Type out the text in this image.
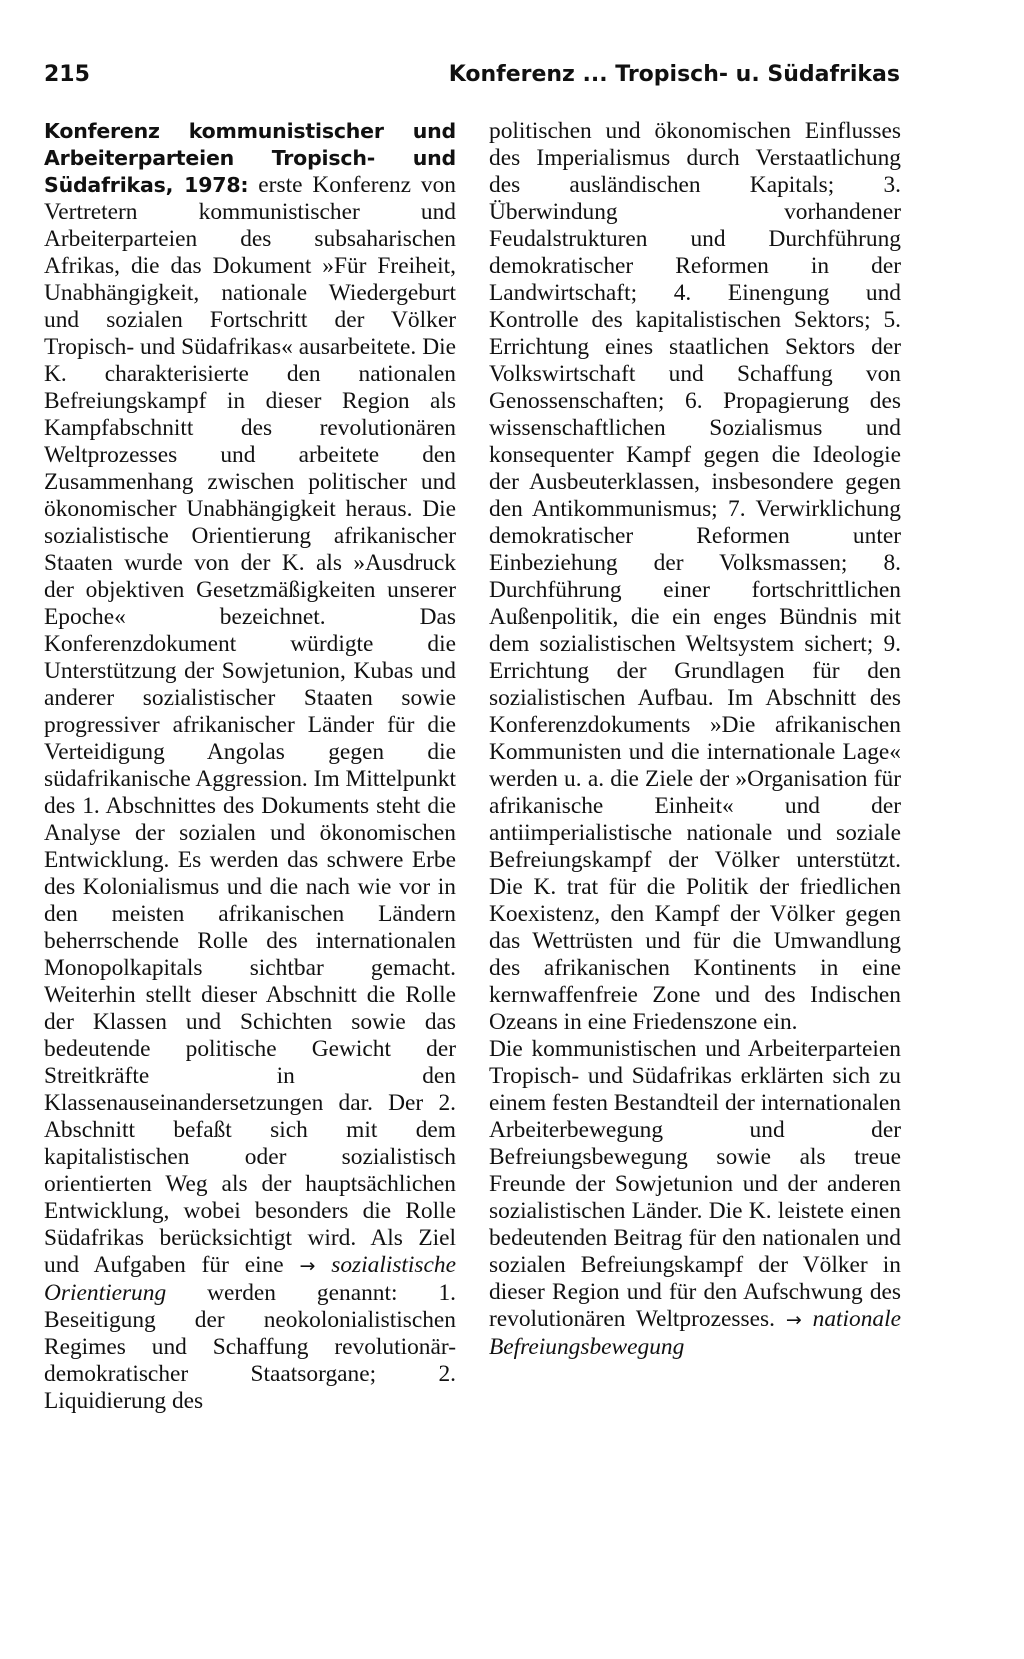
215	Konferenz ... Tropisch- u. Südafrikas

Konferenz kommunistischer und Arbeiterparteien Tropisch- und Südafrikas, 1978: erste Konferenz von Vertretern kommunistischer und Arbeiterparteien des subsaharischen Afrikas, die das Dokument »Für Freiheit, Unabhängigkeit, nationale Wiedergeburt und sozialen Fortschritt der Völker Tropisch- und Südafrikas« ausarbeitete. Die K. charakterisierte den nationalen Befreiungskampf in dieser Region als Kampfabschnitt des revolutionären Weltprozesses und arbeitete den Zusammenhang zwischen politischer und ökonomischer Unabhängigkeit heraus. Die sozialistische Orientierung afrikanischer Staaten wurde von der K. als »Ausdruck der objektiven Gesetzmäßigkeiten unserer Epoche« bezeichnet. Das Konferenzdokument würdigte die Unterstützung der Sowjetunion, Kubas und anderer sozialistischer Staaten sowie progressiver afrikanischer Länder für die Verteidigung Angolas gegen die südafrikanische Aggression. Im Mittelpunkt des 1. Abschnittes des Dokuments steht die Analyse der sozialen und ökonomischen Entwicklung. Es werden das schwere Erbe des Kolonialismus und die nach wie vor in den meisten afrikanischen Ländern beherrschende Rolle des internationalen Monopolkapitals sichtbar gemacht. Weiterhin stellt dieser Abschnitt die Rolle der Klassen und Schichten sowie das bedeutende politische Gewicht der Streitkräfte in den Klassenauseinandersetzungen dar. Der 2. Abschnitt befaßt sich mit dem kapitalistischen oder sozialistisch orientierten Weg als der hauptsächlichen Entwicklung, wobei besonders die Rolle Südafrikas berücksichtigt wird. Als Ziel und Aufgaben für eine → sozialistische Orientierung werden genannt: 1. Beseitigung der neokolonialistischen Regimes und Schaffung revolutionär-demokratischer Staatsorgane; 2. Liquidierung des

politischen und ökonomischen Einflusses des Imperialismus durch Verstaatlichung des ausländischen Kapitals; 3. Überwindung vorhandener Feudalstrukturen und Durchführung demokratischer Reformen in der Landwirtschaft; 4. Einengung und Kontrolle des kapitalistischen Sektors; 5. Errichtung eines staatlichen Sektors der Volkswirtschaft und Schaffung von Genossenschaften; 6. Propagierung des wissenschaftlichen Sozialismus und konsequenter Kampf gegen die Ideologie der Ausbeuterklassen, insbesondere gegen den Antikommunismus; 7. Verwirklichung demokratischer Reformen unter Einbeziehung der Volksmassen; 8. Durchführung einer fortschrittlichen Außenpolitik, die ein enges Bündnis mit dem sozialistischen Weltsystem sichert; 9. Errichtung der Grundlagen für den sozialistischen Aufbau. Im Abschnitt des Konferenzdokuments »Die afrikanischen Kommunisten und die internationale Lage« werden u. a. die Ziele der »Organisation für afrikanische Einheit« und der antiimperialistische nationale und soziale Befreiungskampf der Völker unterstützt. Die K. trat für die Politik der friedlichen Koexistenz, den Kampf der Völker gegen das Wettrüsten und für die Umwandlung des afrikanischen Kontinents in eine kernwaffenfreie Zone und des Indischen Ozeans in eine Friedenszone ein.

Die kommunistischen und Arbeiterparteien Tropisch- und Südafrikas erklärten sich zu einem festen Bestandteil der internationalen Arbeiterbewegung und der Befreiungsbewegung sowie als treue Freunde der Sowjetunion und der anderen sozialistischen Länder. Die K. leistete einen bedeutenden Beitrag für den nationalen und sozialen Befreiungskampf der Völker in dieser Region und für den Aufschwung des revolutionären Weltprozesses. → nationale Befreiungsbewegung
